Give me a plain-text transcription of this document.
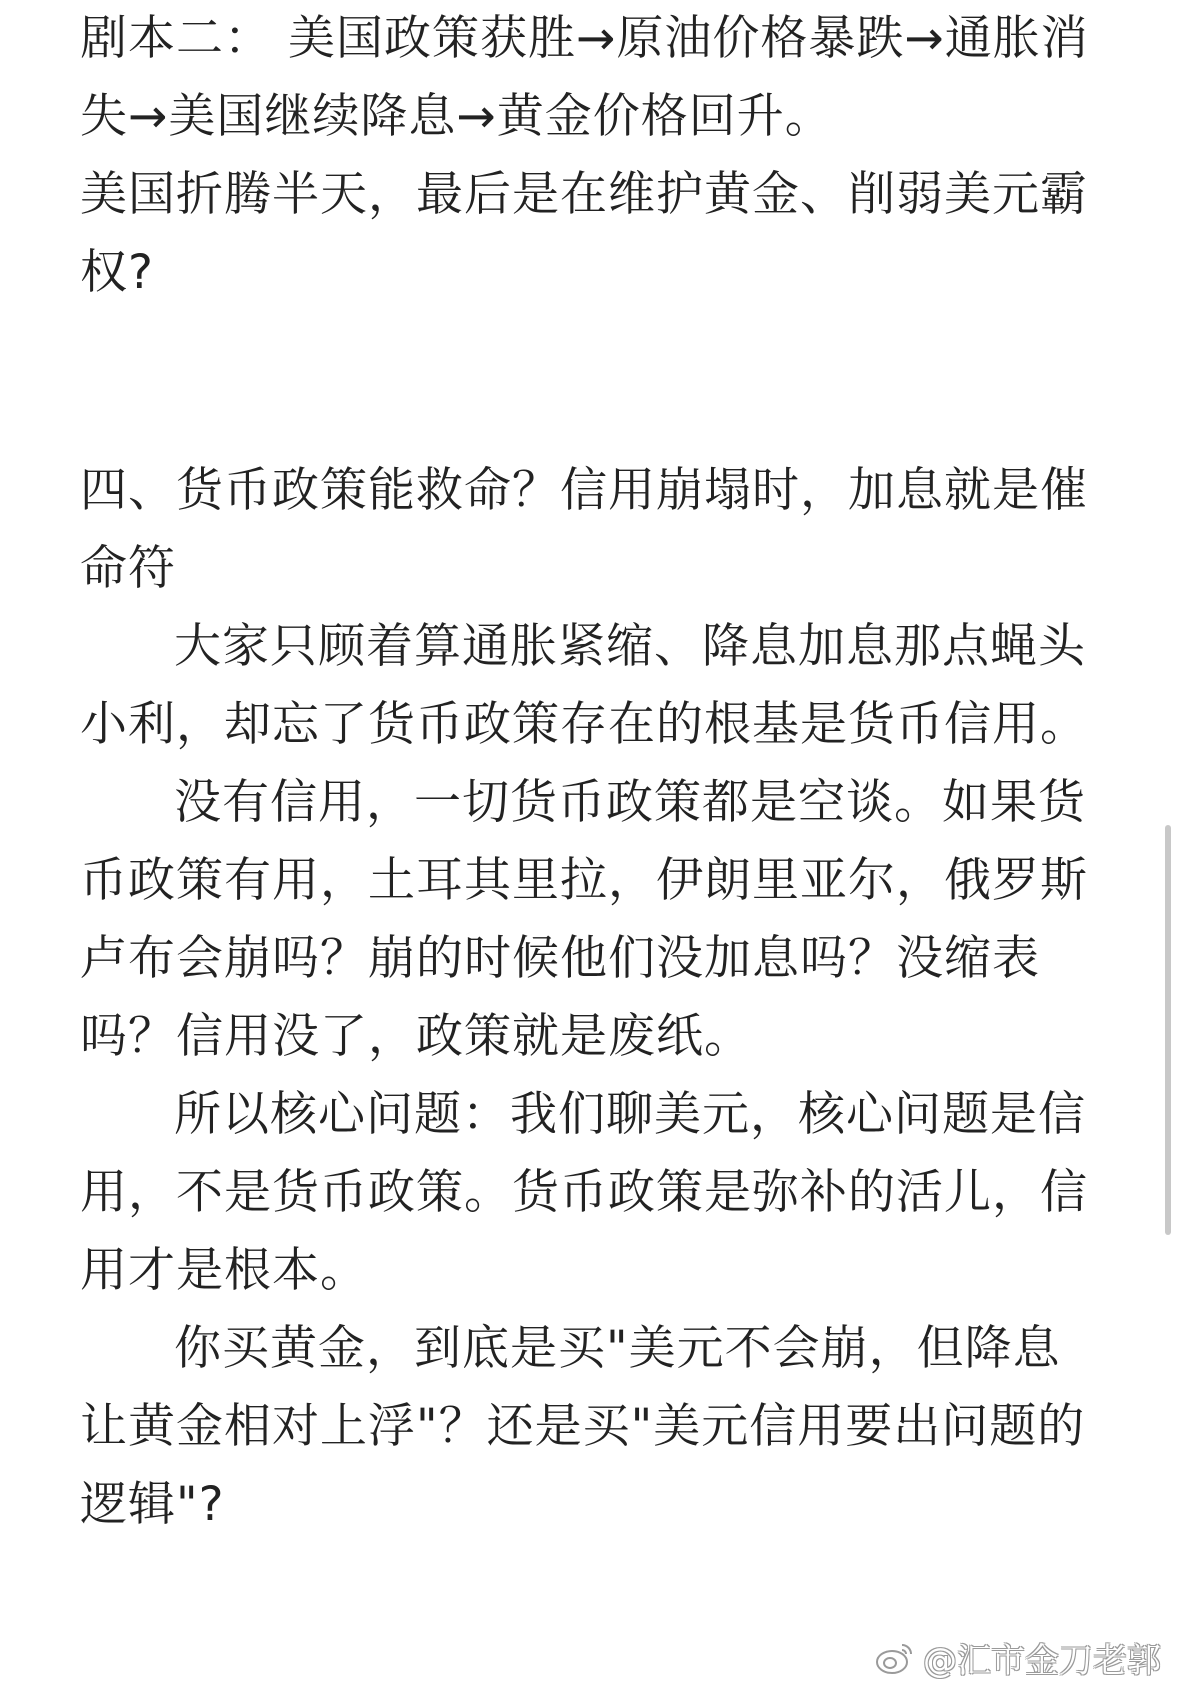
剧本二： 美国政策获胜→原油价格暴跌→通胀消失→美国继续降息→黄金价格回升。

美国折腾半天，最后是在维护黄金、削弱美元霸权?

四、货币政策能救命？信用崩塌时，加息就是催命符

大家只顾着算通胀紧缩、降息加息那点蝇头小利，却忘了货币政策存在的根基是货币信用。

没有信用，一切货币政策都是空谈。如果货币政策有用，土耳其里拉，伊朗里亚尔，俄罗斯卢布会崩吗？崩的时候他们没加息吗？没缩表吗？信用没了，政策就是废纸。

所以核心问题：我们聊美元，核心问题是信用，不是货币政策。货币政策是弥补的活儿，信用才是根本。

你买黄金，到底是买"美元不会崩，但降息让黄金相对上浮"？还是买"美元信用要出问题的逻辑"?

@汇市金刀老郭
